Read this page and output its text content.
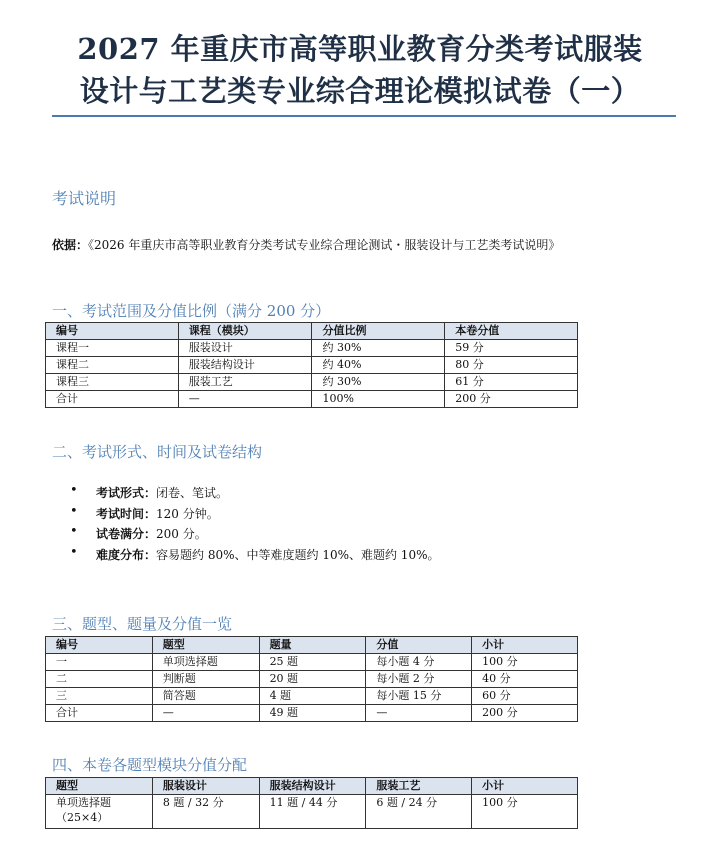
2027 年重庆市高等职业教育分类考试服装
设计与工艺类专业综合理论模拟试卷（一）
考试说明
依据：《2026 年重庆市高等职业教育分类考试专业综合理论测试・服装设计与工艺类考试说明》
一、考试范围及分值比例（满分 200 分）
编号	课程（模块）	分值比例	本卷分值
课程一	服装设计	约 30%	59 分
课程二	服装结构设计	约 40%	80 分
课程三	服装工艺	约 30%	61 分
合计	—	100%	200 分
二、考试形式、时间及试卷结构
• 考试形式：闭卷、笔试。
• 考试时间：120 分钟。
• 试卷满分：200 分。
• 难度分布：容易题约 80%、中等难度题约 10%、难题约 10%。
三、题型、题量及分值一览
编号	题型	题量	分值	小计
一	单项选择题	25 题	每小题 4 分	100 分
二	判断题	20 题	每小题 2 分	40 分
三	简答题	4 题	每小题 15 分	60 分
合计	—	49 题	—	200 分
四、本卷各题型模块分值分配
题型	服装设计	服装结构设计	服装工艺	小计

单项选择题
（25×4）	8 题 / 32 分	11 题 / 44 分	6 题 / 24 分	100 分
